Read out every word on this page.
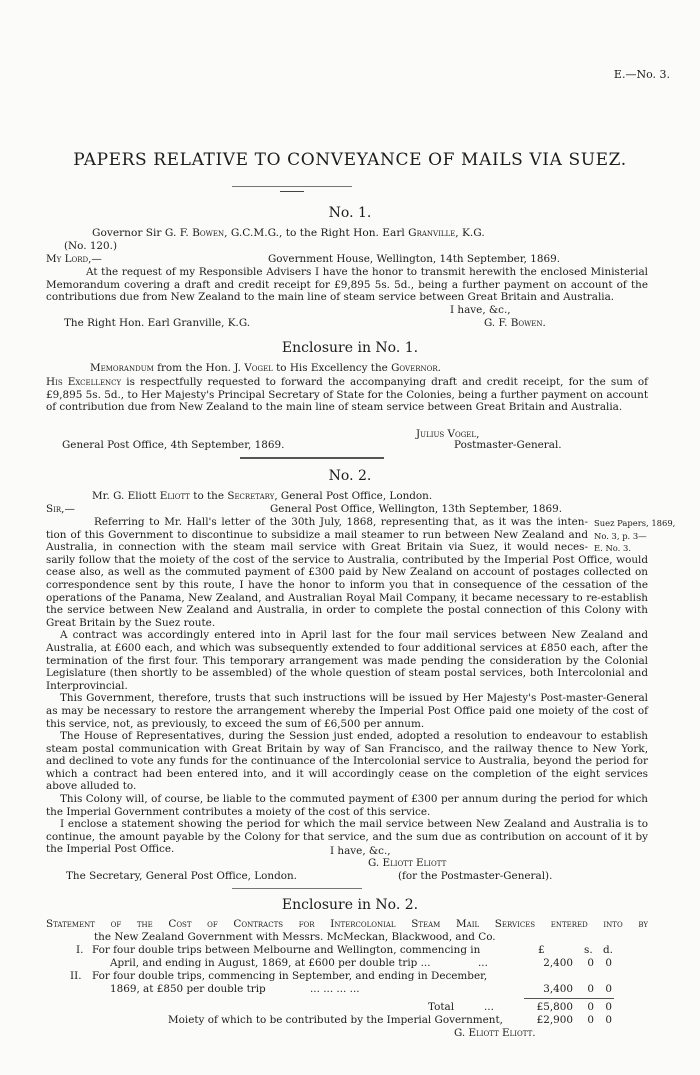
E.—No. 3.
PAPERS RELATIVE TO CONVEYANCE OF MAILS VIA SUEZ.
No. 1.
Governor Sir G. F. Bowen, G.C.M.G., to the Right Hon. Earl Granville, K.G.
(No. 120.)
My Lord,—	Government House, Wellington, 14th September, 1869.

At the request of my Responsible Advisers I have the honor to transmit herewith the enclosed Ministerial Memorandum covering a draft and credit receipt for £9,895 5s. 5d., being a further payment on account of the contributions due from New Zealand to the main line of steam service between Great Britain and Australia.

I have, &c.,
The Right Hon. Earl Granville, K.G.	G. F. Bowen.
Enclosure in No. 1.
Memorandum from the Hon. J. Vogel to His Excellency the Governor.

His Excellency is respectfully requested to forward the accompanying draft and credit receipt, for the sum of £9,895 5s. 5d., to Her Majesty's Principal Secretary of State for the Colonies, being a further payment on account of contribution due from New Zealand to the main line of steam service between Great Britain and Australia.

Julius Vogel,
General Post Office, 4th September, 1869.	Postmaster-General.
No. 2.
Mr. G. Eliott Eliott to the Secretary, General Post Office, London.
Sir,—	General Post Office, Wellington, 13th September, 1869.
Suez Papers, 1869,
No. 3, p. 3—
E. No. 3.

Referring to Mr. Hall's letter of the 30th July, 1868, representing that, as it was the inten-

tion of this Government to discontinue to subsidize a mail steamer to run between New Zealand and

Australia, in connection with the steam mail service with Great Britain via Suez, it would neces-

sarily follow that the moiety of the cost of the service to Australia, contributed by the Imperial Post Office, would cease also, as well as the commuted payment of £300 paid by New Zealand on account of postages collected on correspondence sent by this route, I have the honor to inform you that in consequence of the cessation of the operations of the Panama, New Zealand, and Australian Royal Mail Company, it became necessary to re-establish the service between New Zealand and Australia, in order to complete the postal connection of this Colony with Great Britain by the Suez route.

A contract was accordingly entered into in April last for the four mail services between New Zealand and Australia, at £600 each, and which was subsequently extended to four additional services at £850 each, after the termination of the first four. This temporary arrangement was made pending the consideration by the Colonial Legislature (then shortly to be assembled) of the whole question of steam postal services, both Intercolonial and Interprovincial.

This Government, therefore, trusts that such instructions will be issued by Her Majesty's Post-master-General as may be necessary to restore the arrangement whereby the Imperial Post Office paid one moiety of the cost of this service, not, as previously, to exceed the sum of £6,500 per annum.

The House of Representatives, during the Session just ended, adopted a resolution to endeavour to establish steam postal communication with Great Britain by way of San Francisco, and the railway thence to New York, and declined to vote any funds for the continuance of the Intercolonial service to Australia, beyond the period for which a contract had been entered into, and it will accordingly cease on the completion of the eight services above alluded to.

This Colony will, of course, be liable to the commuted payment of £300 per annum during the period for which the Imperial Government contributes a moiety of the cost of this service.

I enclose a statement showing the period for which the mail service between New Zealand and Australia is to continue, the amount payable by the Colony for that service, and the sum due as contribution on account of it by the Imperial Post Office.	I have, &c.,
G. Eliott Eliott
The Secretary, General Post Office, London.	(for the Postmaster-General).
Enclosure in No. 2.

Statement of the Cost of Contracts for Intercolonial Steam Mail Services entered into by

the New Zealand Government with Messrs. McMeckan, Blackwood, and Co.
£	s. d.
I. For four double trips between Melbourne and Wellington, commencing in
April, and ending in August, 1869, at £600 per double trip ...	...	2,400 0 0
II. For four double trips, commencing in September, and ending in December,
1869, at £850 per double trip	... ... ... ...	3,400 0 0
Total	...	£5,800 0 0
Moiety of which to be contributed by the Imperial Government,	£2,900 0 0
G. Eliott Eliott.
